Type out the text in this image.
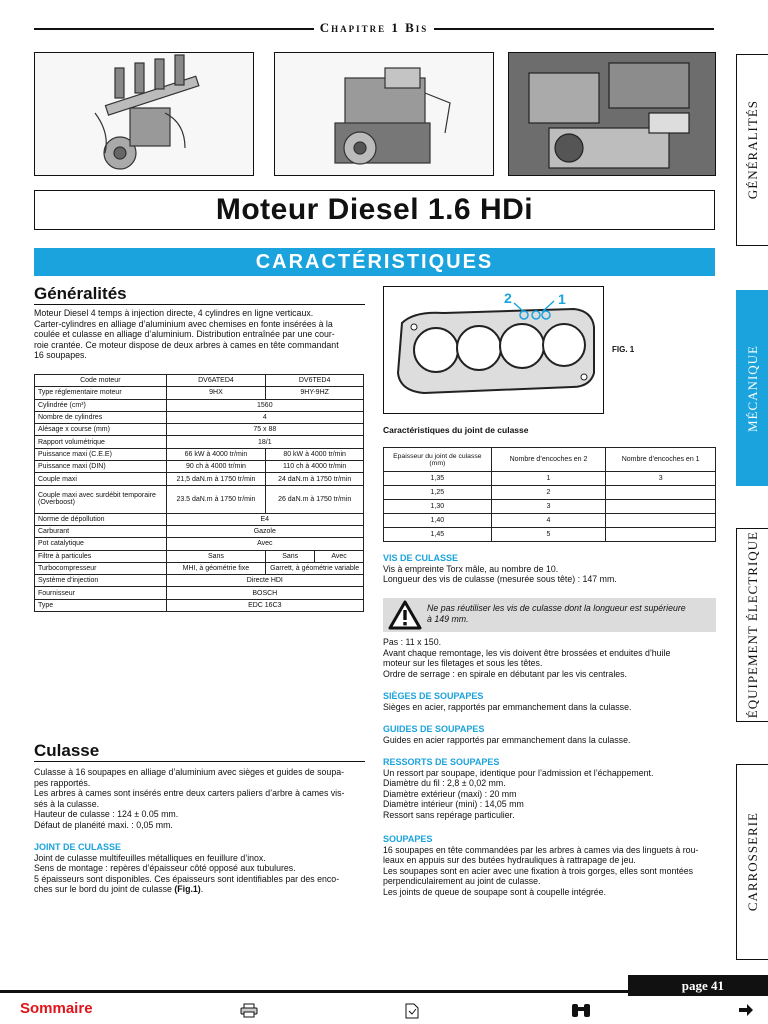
Chapitre 1 Bis
Moteur Diesel 1.6 HDi
CARACTÉRISTIQUES
GÉNÉRALITÉS
MÉCANIQUE
ÉQUIPEMENT ÉLECTRIQUE
CARROSSERIE
Généralités

Moteur Diesel 4 temps à injection directe, 4 cylindres en ligne verticaux.

Carter-cylindres en alliage d’aluminium avec chemises en fonte insérées à la

coulée et culasse en alliage d’aluminium. Distribution entraînée par une cour-

roie crantée. Ce moteur dispose de deux arbres à cames en tête commandant

16 soupapes.

Code moteur	DV6ATED4	DV6TED4	
Type réglementaire moteur	9HX	9HY-9HZ	
Cylindrée (cm³)	1560		
Nombre de cylindres	4		
Alésage x course (mm)	75 x 88		
Rapport volumétrique	18/1		
Puissance maxi (C.E.E)	66 kW à 4000 tr/min	80 kW à 4000 tr/min	
Puissance maxi (DIN)	90 ch à 4000 tr/min	110 ch à 4000 tr/min	
Couple maxi	21,5 daN.m à 1750 tr/min	24 daN.m à 1750 tr/min	
Couple maxi avec surdébit temporaire (Overboost)	23.5 daN.m à 1750 tr/min	26 daN.m à 1750 tr/min	
Norme de dépollution	E4		
Carburant	Gazole		
Pot catalytique	Avec		
Filtre à particules	Sans	Sans	Avec
Turbocompresseur	MHI, à géométrie fixe	Garrett, à géométrie variable	
Système d’injection	Directe HDI		
Fournisseur	BOSCH		
Type	EDC 16C3		
Culasse

Culasse à 16 soupapes en alliage d’aluminium avec sièges et guides de soupa-

pes rapportés.

Les arbres à cames sont insérés entre deux carters paliers d’arbre à cames vis-

sés à la culasse.

Hauteur de culasse : 124 ± 0.05 mm.

Défaut de planéité maxi. : 0,05 mm.

JOINT DE CULASSE

Joint de culasse multifeuilles métalliques en feuillure d’inox.

Sens de montage : repères d’épaisseur côté opposé aux tubulures.

5 épaisseurs sont disponibles. Ces épaisseurs sont identifiables par des enco-

ches sur le bord du joint de culasse (Fig.1).

2	1
FIG. 1
Caractéristiques du joint de culasse
Epaisseur du joint de culasse (mm)	Nombre d’encoches en 2	Nombre d’encoches en 1
1,35	1	3
1,25	2	
1,30	3	
1,40	4	
1,45	5	

VIS DE CULASSE

Vis à empreinte Torx mâle, au nombre de 10.

Longueur des vis de culasse (mesurée sous tête) : 147 mm.

Ne pas réutiliser les vis de culasse dont la longueur est supérieure

à 149 mm.

Pas : 11 x 150.

Avant chaque remontage, les vis doivent être brossées et enduites d’huile

moteur sur les filetages et sous les têtes.

Ordre de serrage : en spirale en débutant par les vis centrales.

SIÈGES DE SOUPAPES

Sièges en acier, rapportés par emmanchement dans la culasse.

GUIDES DE SOUPAPES

Guides en acier rapportés par emmanchement dans la culasse.

RESSORTS DE SOUPAPES

Un ressort par soupape, identique pour l’admission et l’échappement.

Diamètre du fil : 2,8 ± 0,02 mm.

Diamètre extérieur (maxi) : 20 mm

Diamètre intérieur (mini) : 14,05 mm

Ressort sans repérage particulier.

SOUPAPES

16 soupapes en tête commandées par les arbres à cames via des linguets à rou-

leaux en appuis sur des butées hydrauliques à rattrapage de jeu.

Les soupapes sont en acier avec une fixation à trois gorges, elles sont montées

perpendiculairement au joint de culasse.

Les joints de queue de soupape sont à coupelle intégrée.

page 41
Sommaire
